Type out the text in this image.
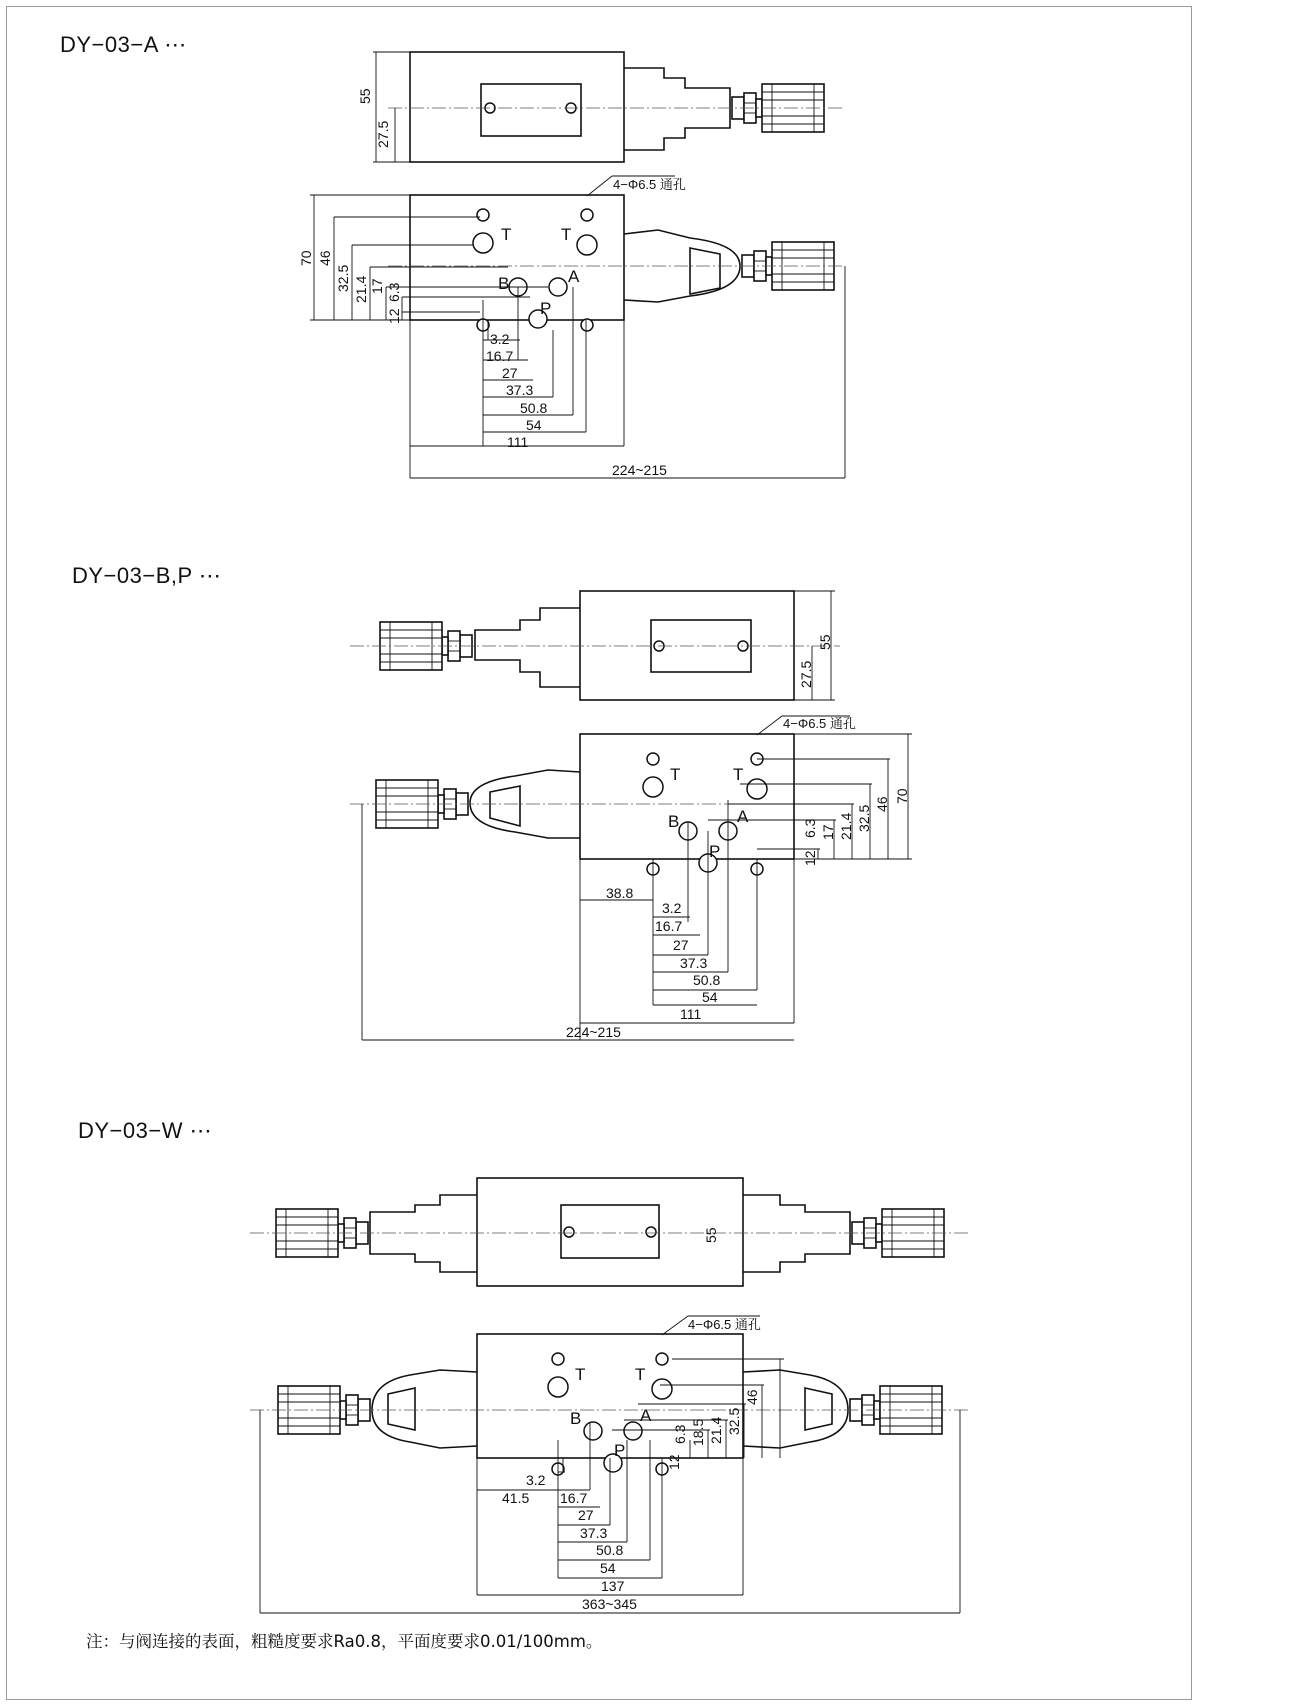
DY−03−A ⋯
DY−03−B,P ⋯
DY−03−W ⋯
55
27.5
4−Φ6.5 通孔
T	T
B	A
P
70 46
32.5 21.4 17
12
6.3
3.2
16.7
27
37.3
50.8
54
111
224~215
55
27.5
4−Φ6.5 通孔
T	T
B	A
P
70
46
32.5
21.4
17
6.3
12
38.8
3.2
16.7
27
37.3
50.8
54
111
224~215
55
4−Φ6.5 通孔
T	T
B	A
P
46
32.5
21.4
18.5
6.3
12
3.2
41.5 16.7
27
37.3
50.8
54
137
363~345
注：与阀连接的表面，粗糙度要求Ra0.8，平面度要求0.01/100mm。
